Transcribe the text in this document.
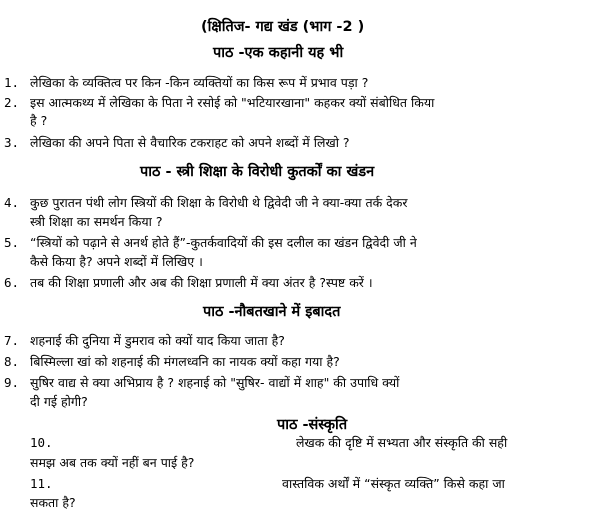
(क्षितिज- गद्य खंड (भाग -2 )
पाठ -एक कहानी यह भी
1. लेखिका के व्यक्तित्व पर किन -किन व्यक्तियों का किस रूप में प्रभाव पड़ा ?
2. इस आत्मकथ्य में लेखिका के पिता ने रसोई को "भटियारखाना" कहकर क्यों संबोधित किया
है ?
3. लेखिका की अपने पिता से वैचारिक टकराहट को अपने शब्दों में लिखो ?
पाठ - स्त्री शिक्षा के विरोधी कुतर्कों का खंडन
4. कुछ पुरातन पंथी लोग स्त्रियों की शिक्षा के विरोधी थे द्विवेदी जी ने क्या-क्या तर्क देकर
स्त्री शिक्षा का समर्थन किया ?
5. “स्त्रियों को पढ़ाने से अनर्थ होते हैं”-कुतर्कवादियों की इस दलील का खंडन द्विवेदी जी ने
कैसे किया है? अपने शब्दों में लिखिए ।
6. तब की शिक्षा प्रणाली और अब की शिक्षा प्रणाली में क्या अंतर है ?स्पष्ट करें ।
पाठ -नौबतखाने में इबादत
7. शहनाई की दुनिया में डुमराव को क्यों याद किया जाता है?
8. बिस्मिल्ला खां को शहनाई की मंगलध्वनि का नायक क्यों कहा गया है?
9. सुषिर वाद्य से क्या अभिप्राय है ? शहनाई को "सुषिर- वाद्यों में शाह" की उपाधि क्यों
दी गई होगी?
पाठ -संस्कृति
10.	लेखक की दृष्टि में सभ्यता और संस्कृति की सही
समझ अब तक क्यों नहीं बन पाई है?
11.	वास्तविक अर्थों में “संस्कृत व्यक्ति” किसे कहा जा
सकता है?
